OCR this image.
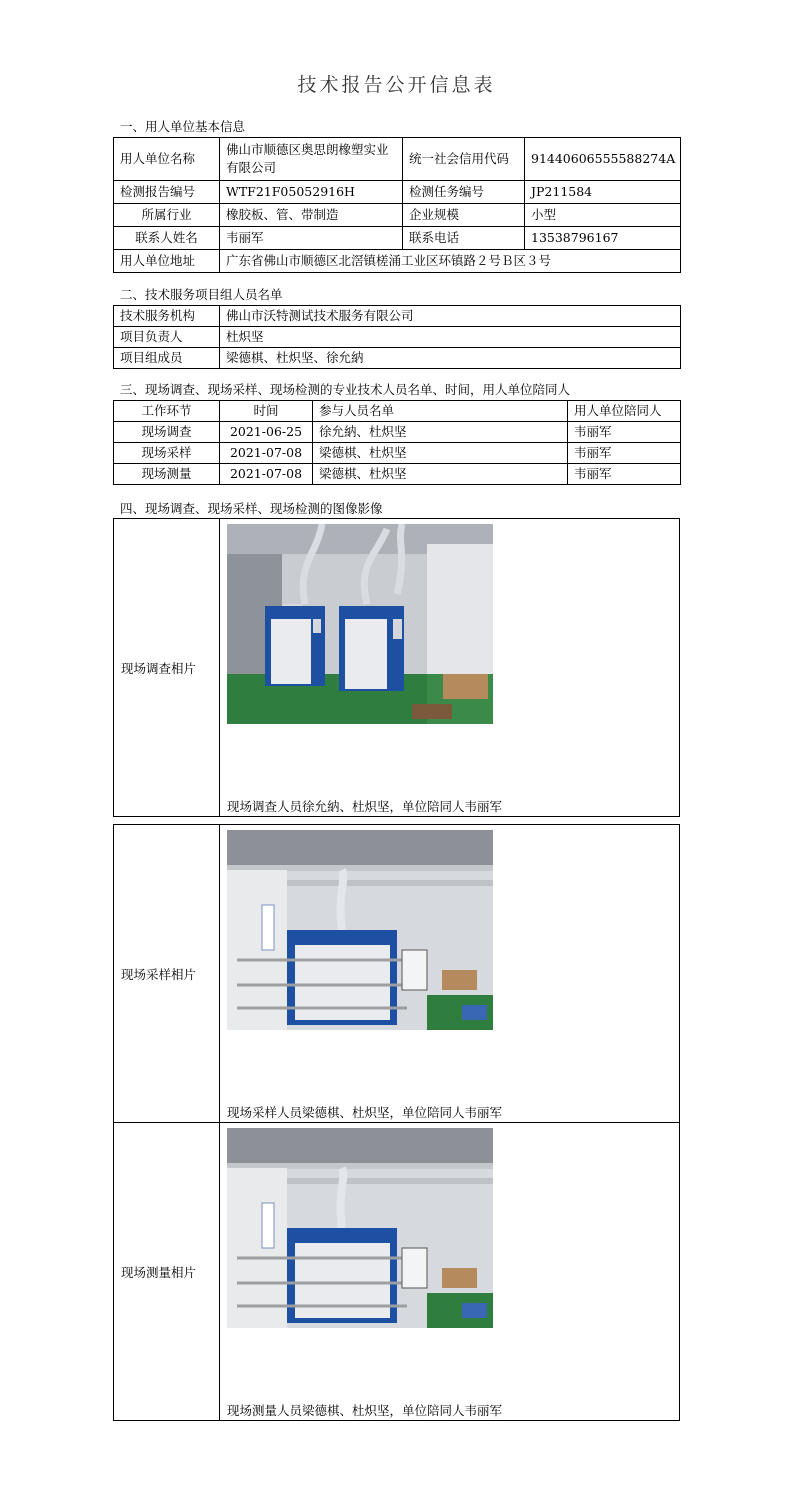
技术报告公开信息表
一、用人单位基本信息
用人单位名称	佛山市顺德区奥思朗橡塑实业有限公司	统一社会信用代码	91440606555588274A
检测报告编号	WTF21F05052916H	检测任务编号	JP211584
所属行业	橡胶板、管、带制造	企业规模	小型
联系人姓名	韦丽军	联系电话	13538796167
用人单位地址	广东省佛山市顺德区北滘镇槎涌工业区环镇路２号Ｂ区３号		
二、技术服务项目组人员名单
技术服务机构	佛山市沃特测试技术服务有限公司
项目负责人	杜炽坚
项目组成员	梁德棋、杜炽坚、徐允納
三、现场调查、现场采样、现场检测的专业技术人员名单、时间，用人单位陪同人
工作环节	时间	参与人员名单	用人单位陪同人
现场调查	2021-06-25	徐允納、杜炽坚	韦丽军
现场采样	2021-07-08	梁德棋、杜炽坚	韦丽军
现场测量	2021-07-08	梁德棋、杜炽坚	韦丽军
四、现场调查、现场采样、现场检测的图像影像
现场调查相片
现场调查人员徐允納、杜炽坚，单位陪同人韦丽军
现场采样相片
现场采样人员梁德棋、杜炽坚，单位陪同人韦丽军
现场测量相片
现场测量人员梁德棋、杜炽坚，单位陪同人韦丽军
